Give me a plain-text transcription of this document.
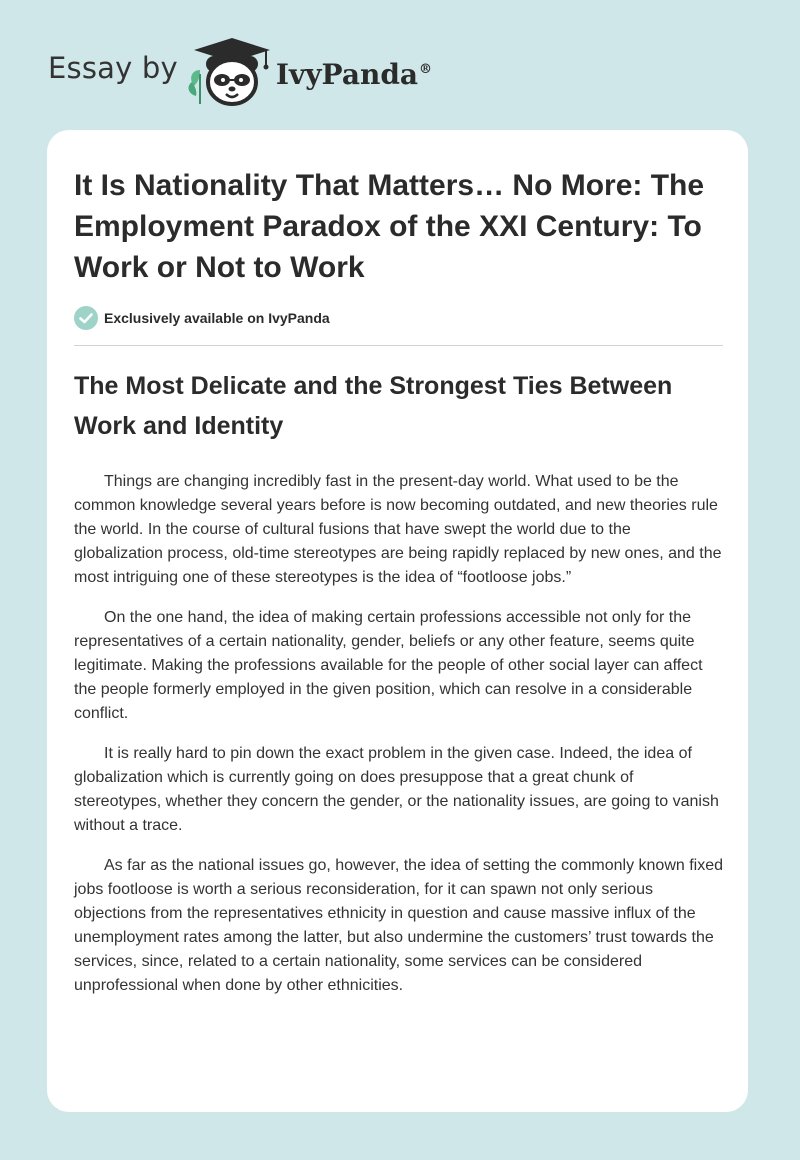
Essay by	IvyPanda®
It Is Nationality That Matters… No More: The Employment Paradox of the XXI Century: To Work or Not to Work
Exclusively available on IvyPanda
The Most Delicate and the Strongest Ties Between Work and Identity

Things are changing incredibly fast in the present-day world. What used to be the common knowledge several years before is now becoming outdated, and new theories rule the world. In the course of cultural fusions that have swept the world due to the globalization process, old-time stereotypes are being rapidly replaced by new ones, and the most intriguing one of these stereotypes is the idea of “footloose jobs.”

On the one hand, the idea of making certain professions accessible not only for the representatives of a certain nationality, gender, beliefs or any other feature, seems quite legitimate. Making the professions available for the people of other social layer can affect the people formerly employed in the given position, which can resolve in a considerable conflict.

It is really hard to pin down the exact problem in the given case. Indeed, the idea of globalization which is currently going on does presuppose that a great chunk of stereotypes, whether they concern the gender, or the nationality issues, are going to vanish without a trace.

As far as the national issues go, however, the idea of setting the commonly known fixed jobs footloose is worth a serious reconsideration, for it can spawn not only serious objections from the representatives ethnicity in question and cause massive influx of the unemployment rates among the latter, but also undermine the customers’ trust towards the services, since, related to a certain nationality, some services can be considered unprofessional when done by other ethnicities.
